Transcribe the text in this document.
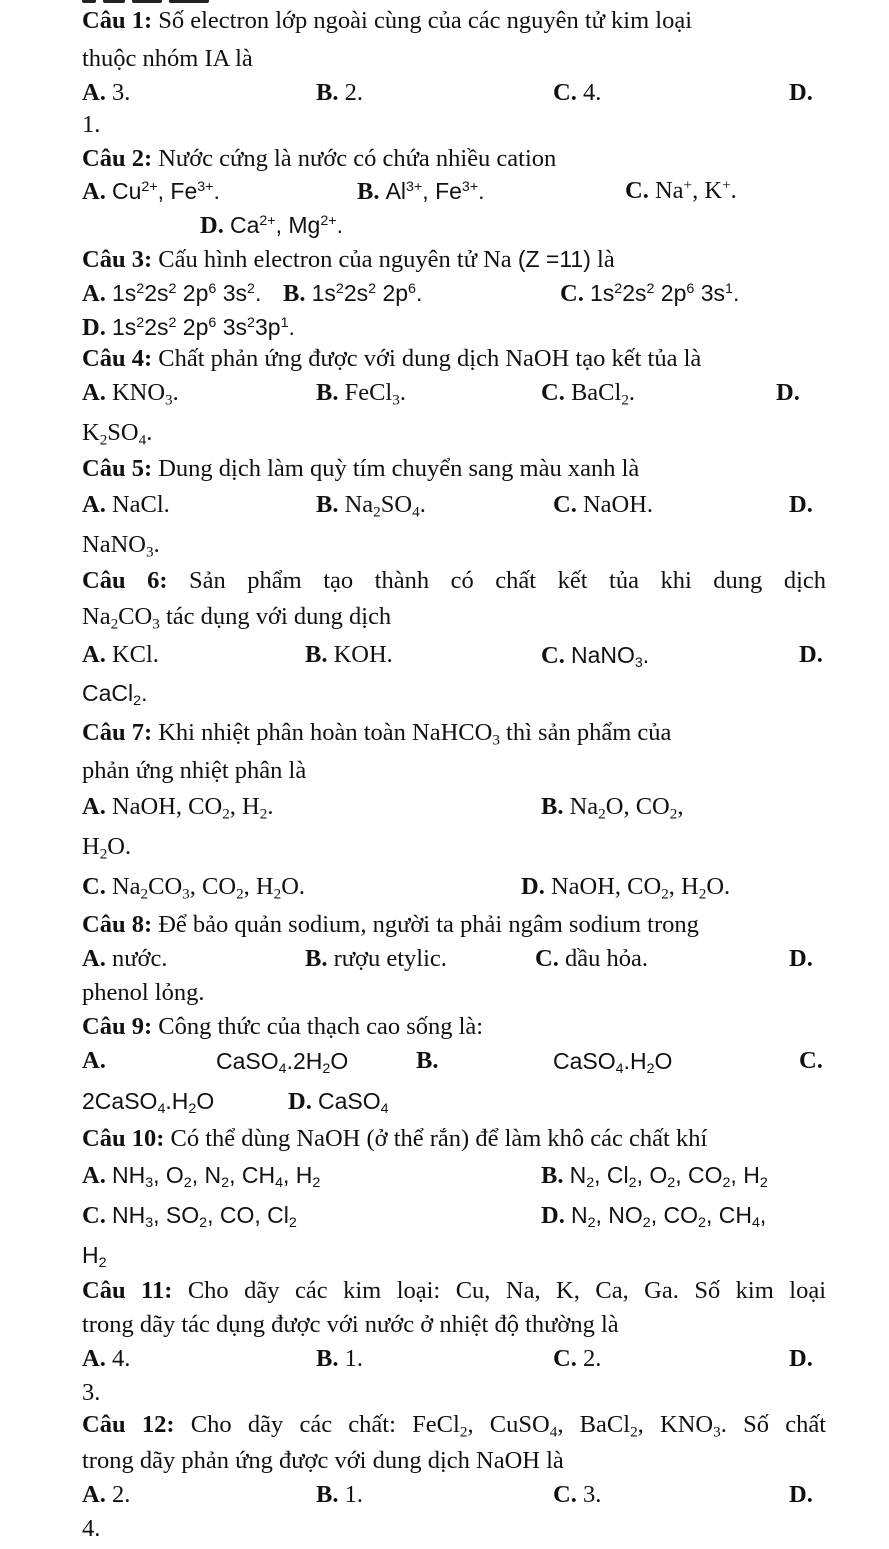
Câu 1: Số electron lớp ngoài cùng của các nguyên tử kim loại
thuộc nhóm IA là
A. 3.	B. 2.	C. 4.	D.
1.
Câu 2: Nước cứng là nước có chứa nhiều cation
A. $Cu^{2+}$, $Fe^{3+}$.	B. $Al^{3+}$, $Fe^{3+}$.	C. Na+, K+.
D. $Ca^{2+}$, $Mg^{2+}$.
Câu 3: Cấu hình electron của nguyên tử Na (Z =11) là
A. $1s^22s^2$ $2p^6$ $3s^2$. B. $1s^22s^2$ $2p^6$.	C. $1s^22s^2$ $2p^6$ $3s^1$.
D. $1s^22s^2$ $2p^6$ $3s^23p^1$.
Câu 4: Chất phản ứng được với dung dịch NaOH tạo kết tủa là
A. $KNO_3$.	B. FeCl$_3$.	C. BaCl$_2$.	D.
$K_2SO_4$.
Câu 5: Dung dịch làm quỳ tím chuyển sang màu xanh là
A. NaCl.	B. $Na_2SO_4$.	C. NaOH.	D.
NaNO$_3$.
Câu 6: Sản phẩm tạo thành có chất kết tủa khi dung dịch
$Na_2CO_3$ tác dụng với dung dịch
A. KCl.	B. KOH.	C. NaNO$_3$.	D.
CaCl$_2$.
Câu 7: Khi nhiệt phân hoàn toàn NaHCO$_3$ thì sản phẩm của
phản ứng nhiệt phân là
A. NaOH, $CO_2$, $H_2$.	B. $Na_2O$, $CO_2$,
$H_2O$.
C. $Na_2CO_3$, $CO_2$, $H_2O$.	D. NaOH, $CO_2$, $H_2O$.
Câu 8: Để bảo quản sodium, người ta phải ngâm sodium trong
A. nước.	B. rượu etylic.	C. dầu hỏa.	D.
phenol lỏng.
Câu 9: Công thức của thạch cao sống là:
A.	$CaSO_4.2H_2O$	B.	$CaSO_4.H_2O$	C.
$2CaSO_4.H_2O$	D. CaSO$_4$
Câu 10: Có thể dùng NaOH (ở thể rắn) để làm khô các chất khí
A. $NH_3$, $O_2$, $N_2$, $CH_4$, $H_2$	B. $N_2$, $Cl_2$, $O_2$, $CO_2$, $H_2$
C. $NH_3$, $SO_2$, CO, $Cl_2$	D. $N_2$, $NO_2$, $CO_2$, $CH_4$,
$H_2$
Câu 11: Cho dãy các kim loại: Cu, Na, K, Ca, Ga. Số kim loại
trong dãy tác dụng được với nước ở nhiệt độ thường là
A. 4.	B. 1.	C. 2.	D.
3.
Câu 12: Cho dãy các chất: FeCl$_2$, CuSO$_4$, BaCl$_2$, $KNO_3$. Số chất
trong dãy phản ứng được với dung dịch NaOH là
A. 2.	B. 1.	C. 3.	D.
4.
